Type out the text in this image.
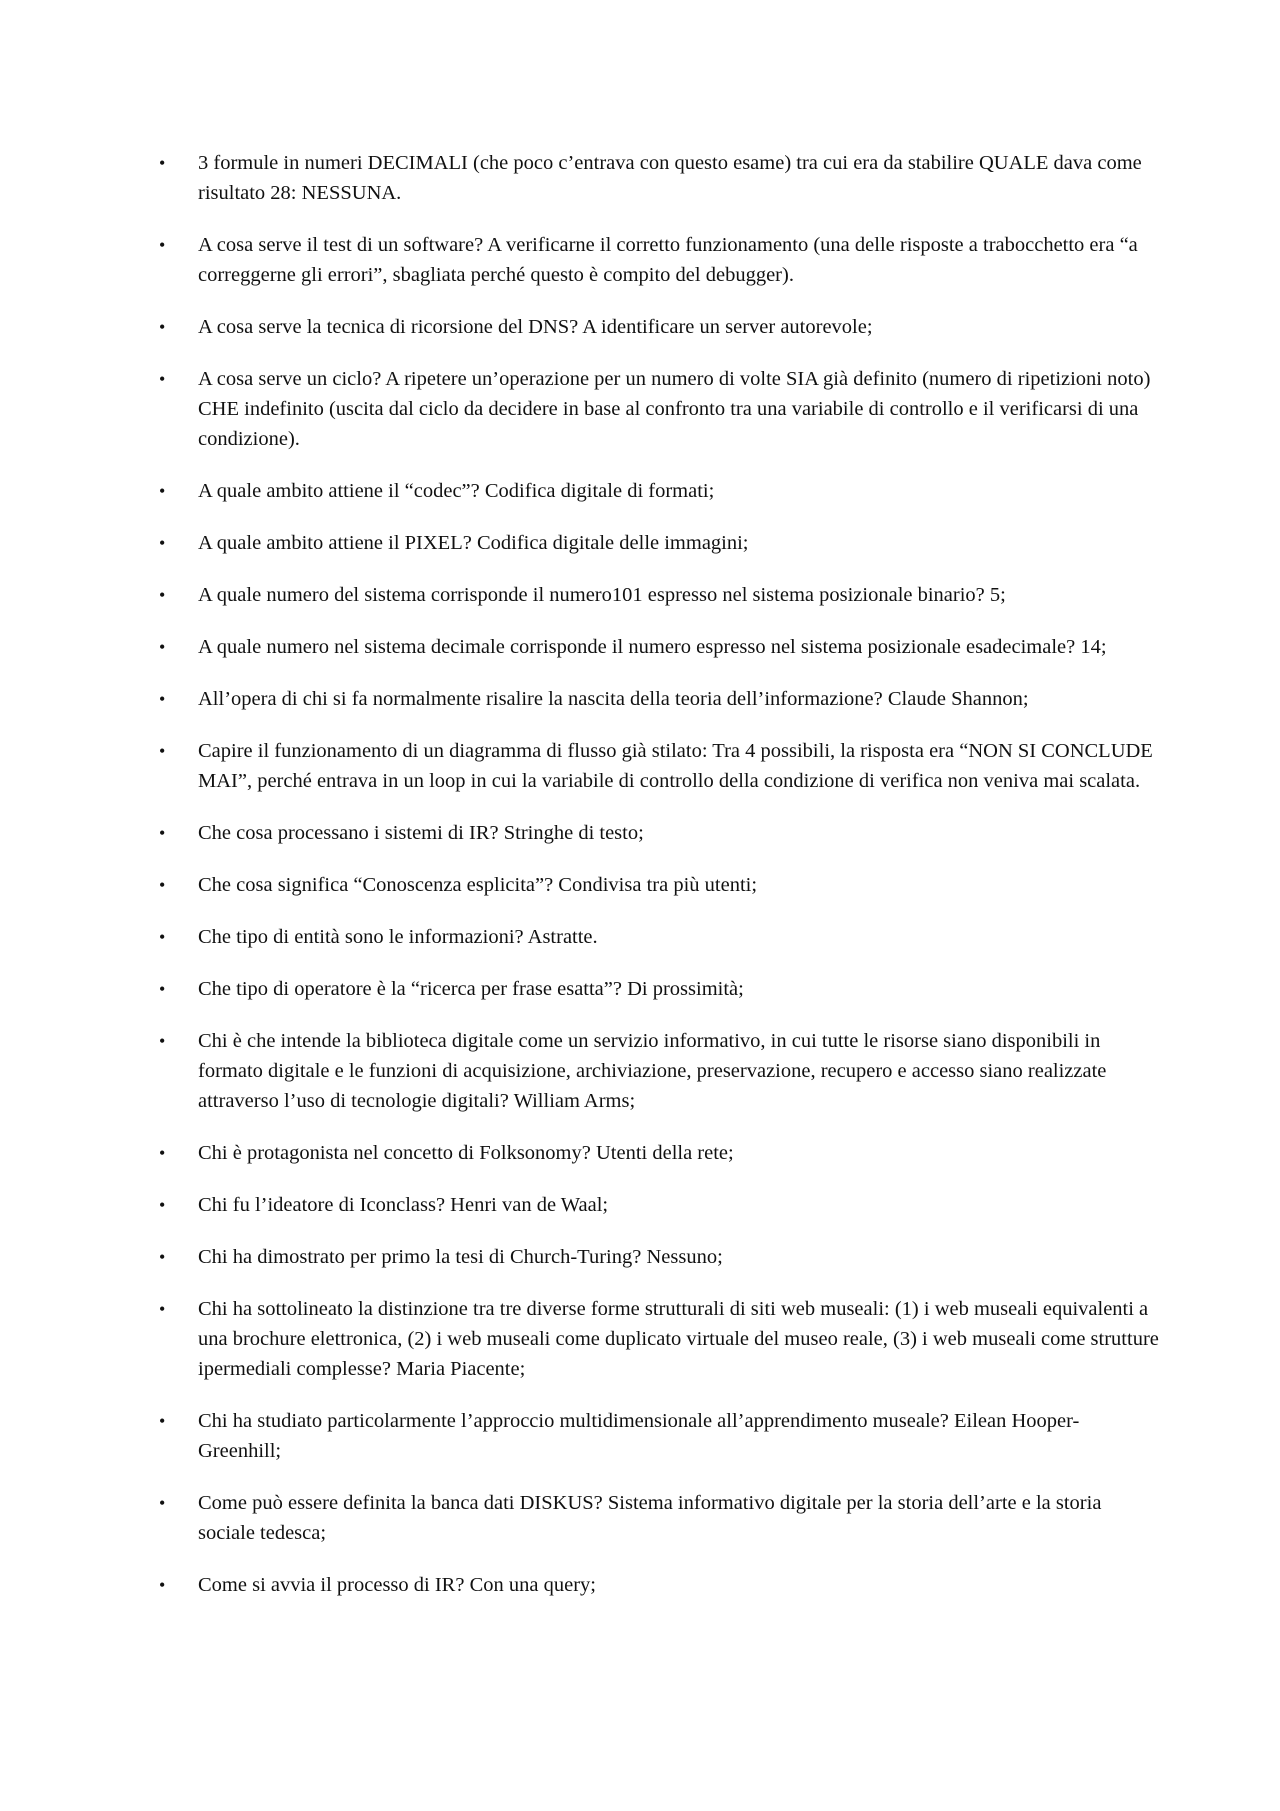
• 3 formule in numeri DECIMALI (che poco c’entrava con questo esame) tra cui era da stabilire QUALE dava come risultato 28: NESSUNA.
• A cosa serve il test di un software? A verificarne il corretto funzionamento (una delle risposte a trabocchetto era “a correggerne gli errori”, sbagliata perché questo è compito del debugger).
• A cosa serve la tecnica di ricorsione del DNS? A identificare un server autorevole;
• A cosa serve un ciclo? A ripetere un’operazione per un numero di volte SIA già definito (numero di ripetizioni noto) CHE indefinito (uscita dal ciclo da decidere in base al confronto tra una variabile di controllo e il verificarsi di una condizione).
• A quale ambito attiene il “codec”? Codifica digitale di formati;
• A quale ambito attiene il PIXEL? Codifica digitale delle immagini;
• A quale numero del sistema corrisponde il numero101 espresso nel sistema posizionale binario? 5;
• A quale numero nel sistema decimale corrisponde il numero espresso nel sistema posizionale esadecimale? 14;
• All’opera di chi si fa normalmente risalire la nascita della teoria dell’informazione? Claude Shannon;
• Capire il funzionamento di un diagramma di flusso già stilato: Tra 4 possibili, la risposta era “NON SI CONCLUDE MAI”, perché entrava in un loop in cui la variabile di controllo della condizione di verifica non veniva mai scalata.
• Che cosa processano i sistemi di IR? Stringhe di testo;
• Che cosa significa “Conoscenza esplicita”? Condivisa tra più utenti;
• Che tipo di entità sono le informazioni? Astratte.
• Che tipo di operatore è la “ricerca per frase esatta”? Di prossimità;
• Chi è che intende la biblioteca digitale come un servizio informativo, in cui tutte le risorse siano disponibili in formato digitale e le funzioni di acquisizione, archiviazione, preservazione, recupero e accesso siano realizzate attraverso l’uso di tecnologie digitali? William Arms;
• Chi è protagonista nel concetto di Folksonomy? Utenti della rete;
• Chi fu l’ideatore di Iconclass? Henri van de Waal;
• Chi ha dimostrato per primo la tesi di Church-Turing? Nessuno;
• Chi ha sottolineato la distinzione tra tre diverse forme strutturali di siti web museali: (1) i web museali equivalenti a una brochure elettronica, (2) i web museali come duplicato virtuale del museo reale, (3) i web museali come strutture ipermediali complesse? Maria Piacente;
• Chi ha studiato particolarmente l’approccio multidimensionale all’apprendimento museale? Eilean Hooper-Greenhill;
• Come può essere definita la banca dati DISKUS? Sistema informativo digitale per la storia dell’arte e la storia sociale tedesca;
• Come si avvia il processo di IR? Con una query;
